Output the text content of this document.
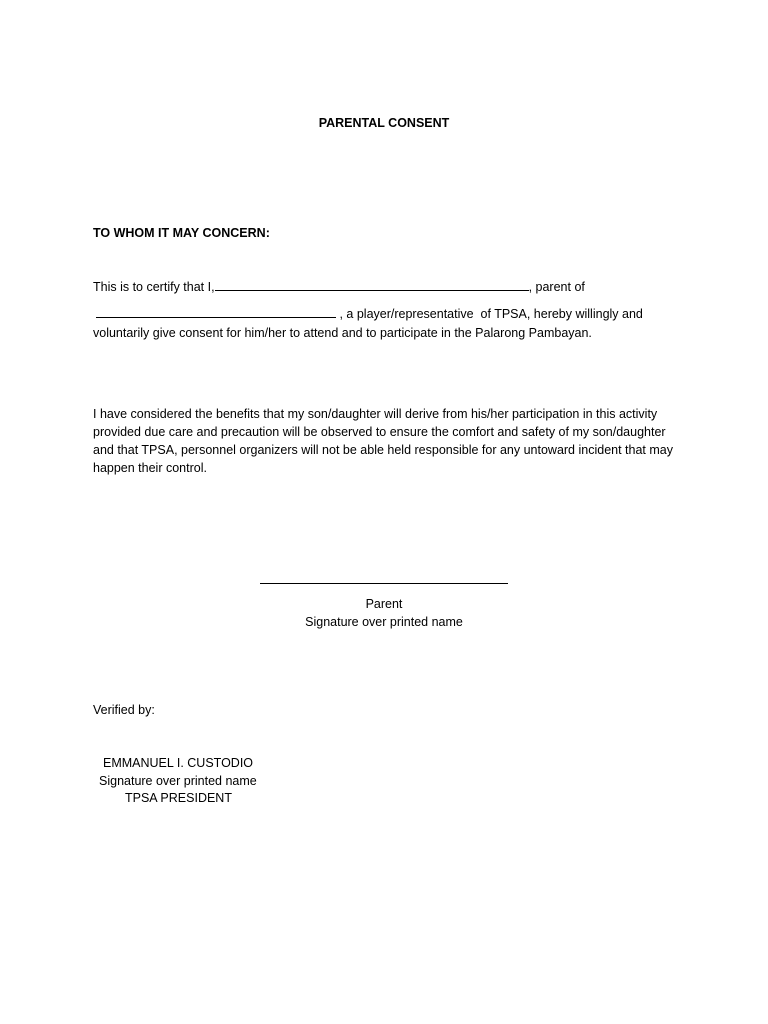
PARENTAL CONSENT
TO WHOM IT MAY CONCERN:
This is to certify that I,	, parent of
, a player/representative  of TPSA, hereby willingly and
voluntarily give consent for him/her to attend and to participate in the Palarong Pambayan.
I have considered the benefits that my son/daughter will derive from his/her participation in this activity provided due care and precaution will be observed to ensure the comfort and safety of my son/daughter and that TPSA, personnel organizers will not be able held responsible for any untoward incident that may happen their control.
Parent
Signature over printed name
Verified by:
EMMANUEL I. CUSTODIO
Signature over printed name
TPSA PRESIDENT
